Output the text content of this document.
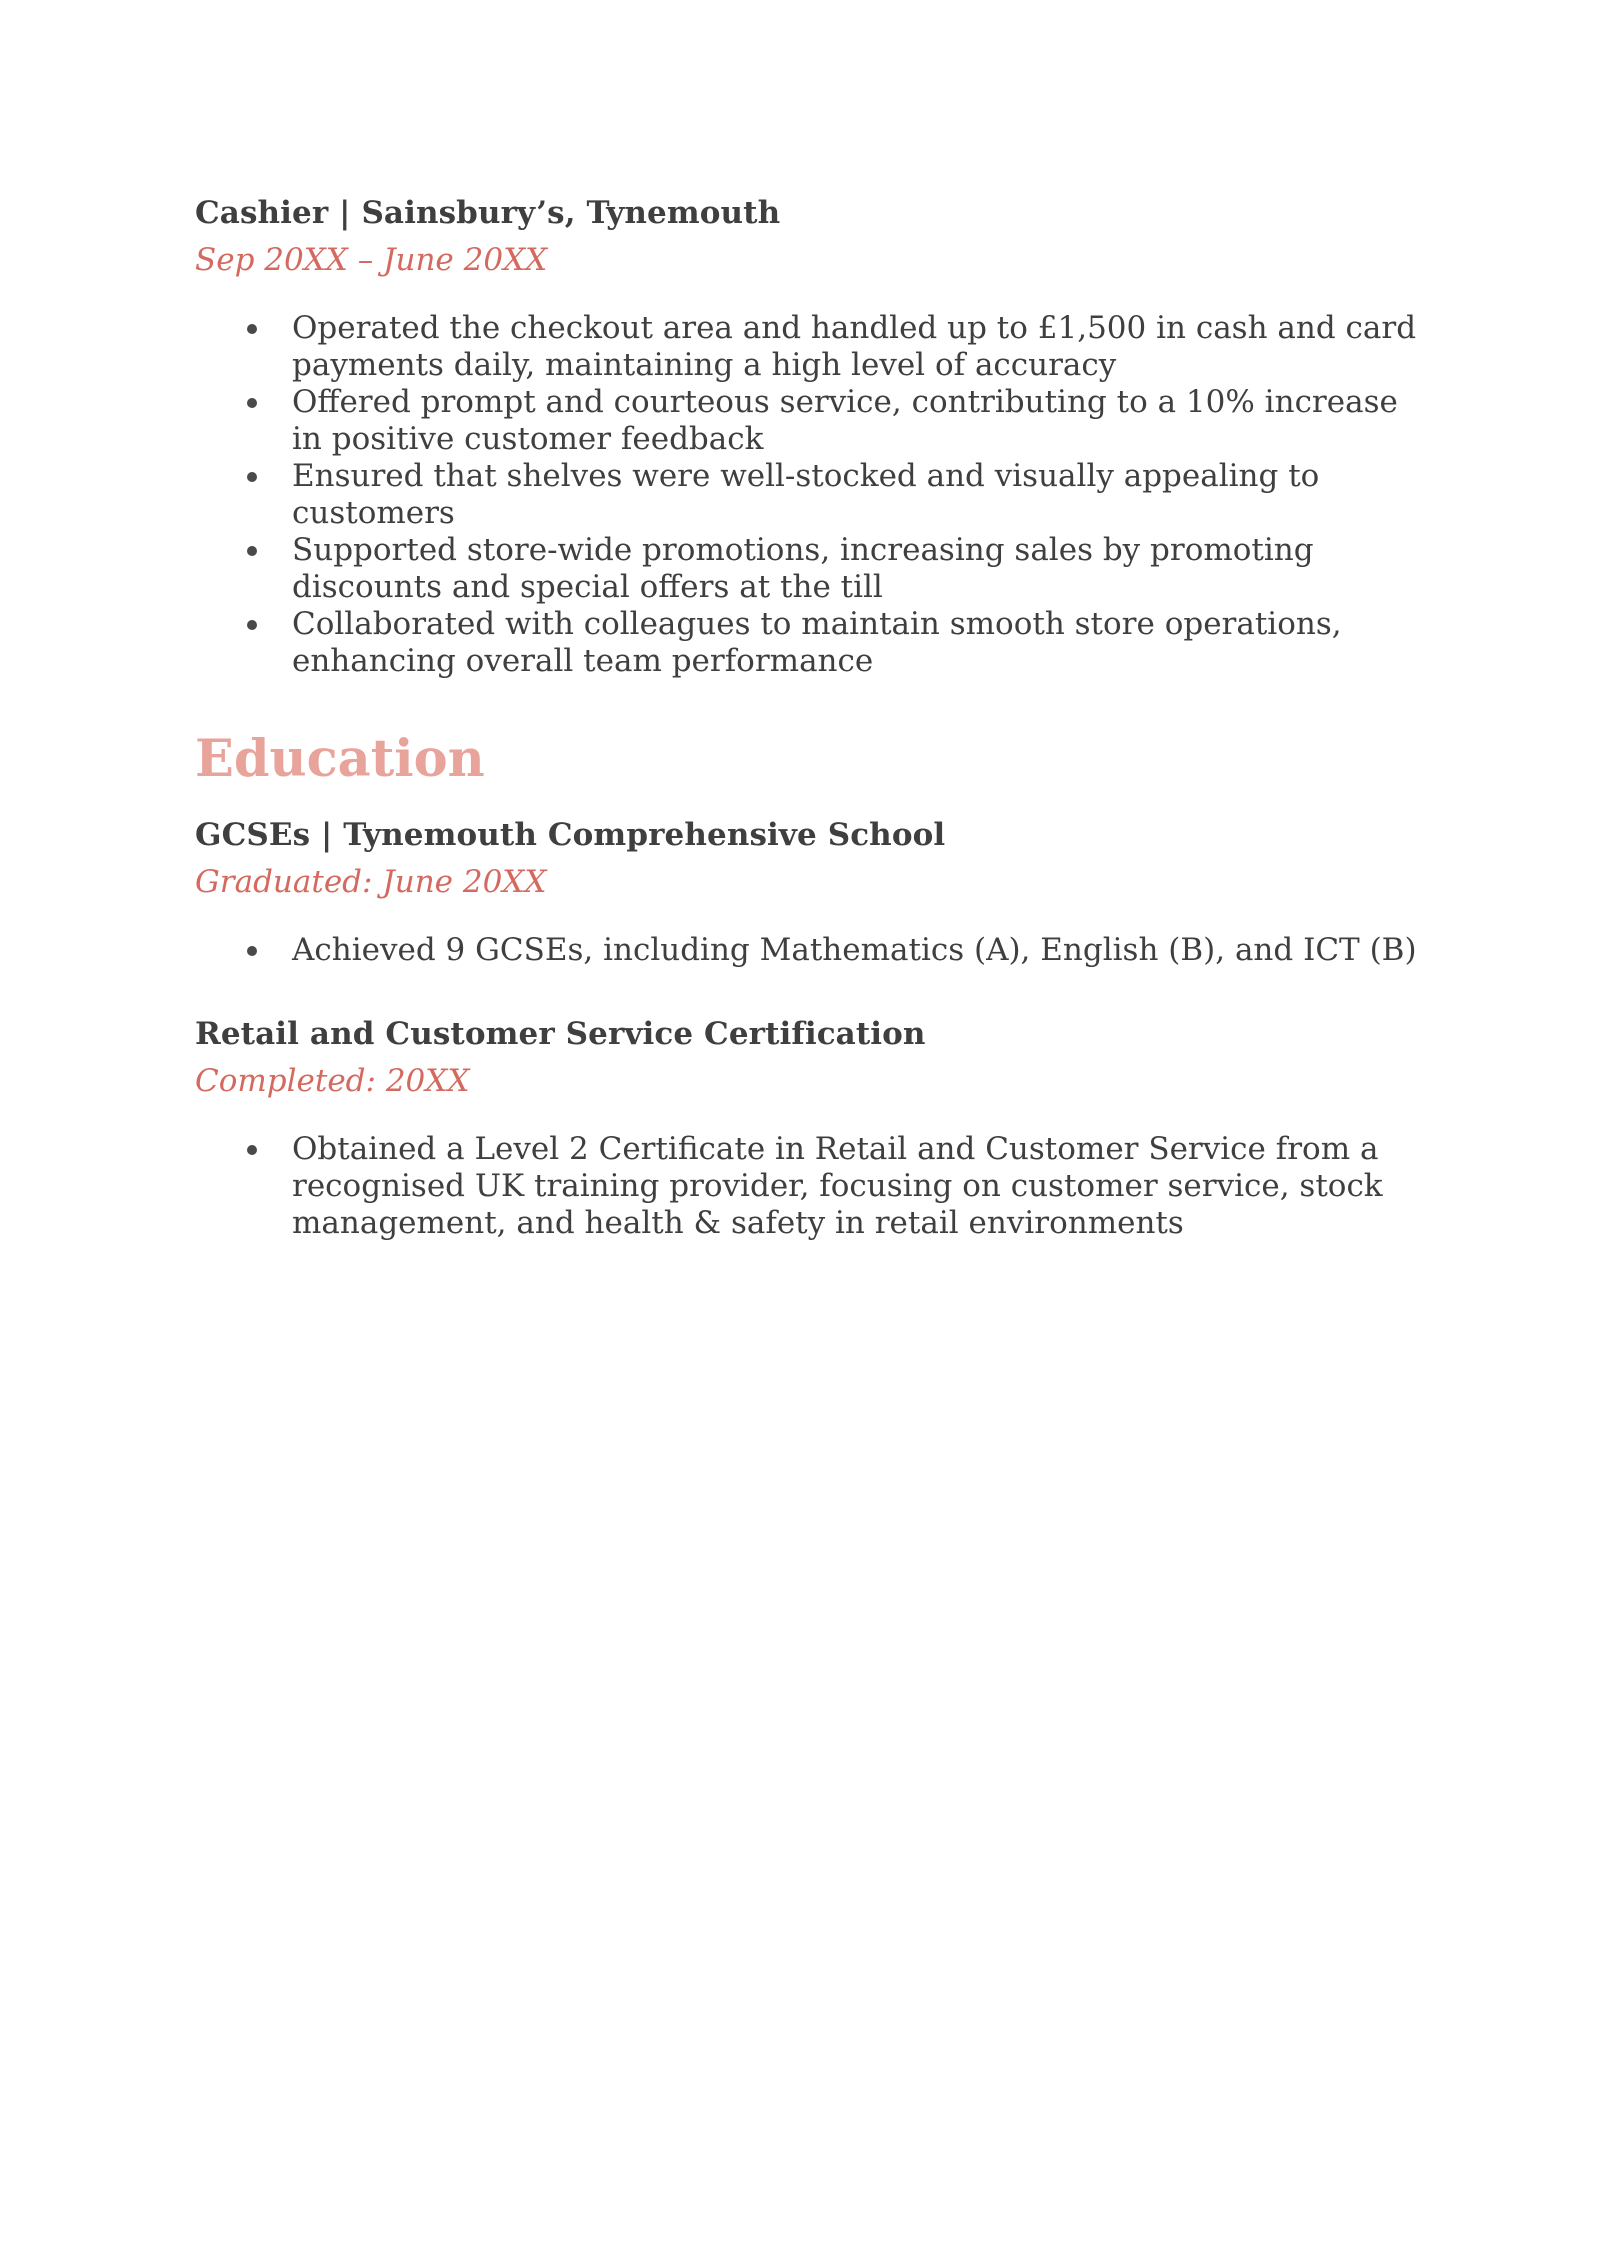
Cashier | Sainsbury’s, Tynemouth
Sep 20XX – June 20XX
Operated the checkout area and handled up to £1,500 in cash and card payments daily, maintaining a high level of accuracy
Offered prompt and courteous service, contributing to a 10% increase in positive customer feedback
Ensured that shelves were well-stocked and visually appealing to customers
Supported store-wide promotions, increasing sales by promoting discounts and special offers at the till
Collaborated with colleagues to maintain smooth store operations, enhancing overall team performance
Education
GCSEs | Tynemouth Comprehensive School
Graduated: June 20XX
Achieved 9 GCSEs, including Mathematics (A), English (B), and ICT (B)
Retail and Customer Service Certification
Completed: 20XX
Obtained a Level 2 Certificate in Retail and Customer Service from a recognised UK training provider, focusing on customer service, stock management, and health & safety in retail environments
